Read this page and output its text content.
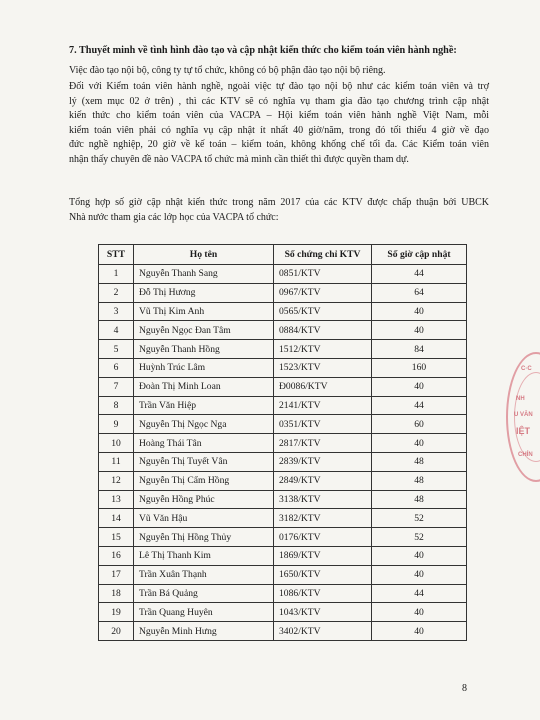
7. Thuyết minh về tình hình đào tạo và cập nhật kiến thức cho kiểm toán viên hành nghề:
Việc đào tạo nội bộ, công ty tự tổ chức, không có bộ phận đào tạo nội bộ riêng.
Đối với Kiểm toán viên hành nghề, ngoài việc tự đào tạo nội bộ như các kiểm toán viên và trợ
lý (xem mục 02 ở trên) , thì các KTV sẽ có nghĩa vụ tham gia đào tạo chương trình cập nhật
kiến thức cho kiểm toán viên của VACPA – Hội kiểm toán viên hành nghề Việt Nam, mỗi
kiểm toán viên phải có nghĩa vụ cập nhật ít nhất 40 giờ/năm, trong đó tối thiểu 4 giờ về đạo
đức nghề nghiệp, 20 giờ về kế toán – kiểm toán, không khống chế tối đa. Các Kiểm toán viên
nhận thấy chuyên đề nào VACPA tổ chức mà mình cần thiết thì được quyền tham dự.
Tổng hợp số giờ cập nhật kiến thức trong năm 2017 của các KTV được chấp thuận bởi UBCK
Nhà nước tham gia các lớp học của VACPA tổ chức:
STT	Họ tên	Số chứng chỉ KTV	Số giờ cập nhật
1	Nguyễn Thanh Sang	0851/KTV	44
2	Đỗ Thị Hương	0967/KTV	64
3	Vũ Thị Kim Anh	0565/KTV	40
4	Nguyễn Ngọc Đan Tâm	0884/KTV	40
5	Nguyễn Thanh Hồng	1512/KTV	84
6	Huỳnh Trúc Lâm	1523/KTV	160
7	Đoàn Thị Minh Loan	Đ0086/KTV	40
8	Trần Văn Hiệp	2141/KTV	44
9	Nguyễn Thị Ngọc Nga	0351/KTV	60
10	Hoàng Thái Tân	2817/KTV	40
11	Nguyễn Thị Tuyết Vân	2839/KTV	48
12	Nguyễn Thị Cẩm Hồng	2849/KTV	48
13	Nguyễn Hồng Phúc	3138/KTV	48
14	Vũ Văn Hậu	3182/KTV	52
15	Nguyễn Thị Hồng Thủy	0176/KTV	52
16	Lê Thị Thanh Kim	1869/KTV	40
17	Trần Xuân Thạnh	1650/KTV	40
18	Trần Bá Quảng	1086/KTV	44
19	Trần Quang Huyên	1043/KTV	40
20	Nguyễn Minh Hưng	3402/KTV	40
C·C
NH
U VĂN
IỆT
CHÍN
8
